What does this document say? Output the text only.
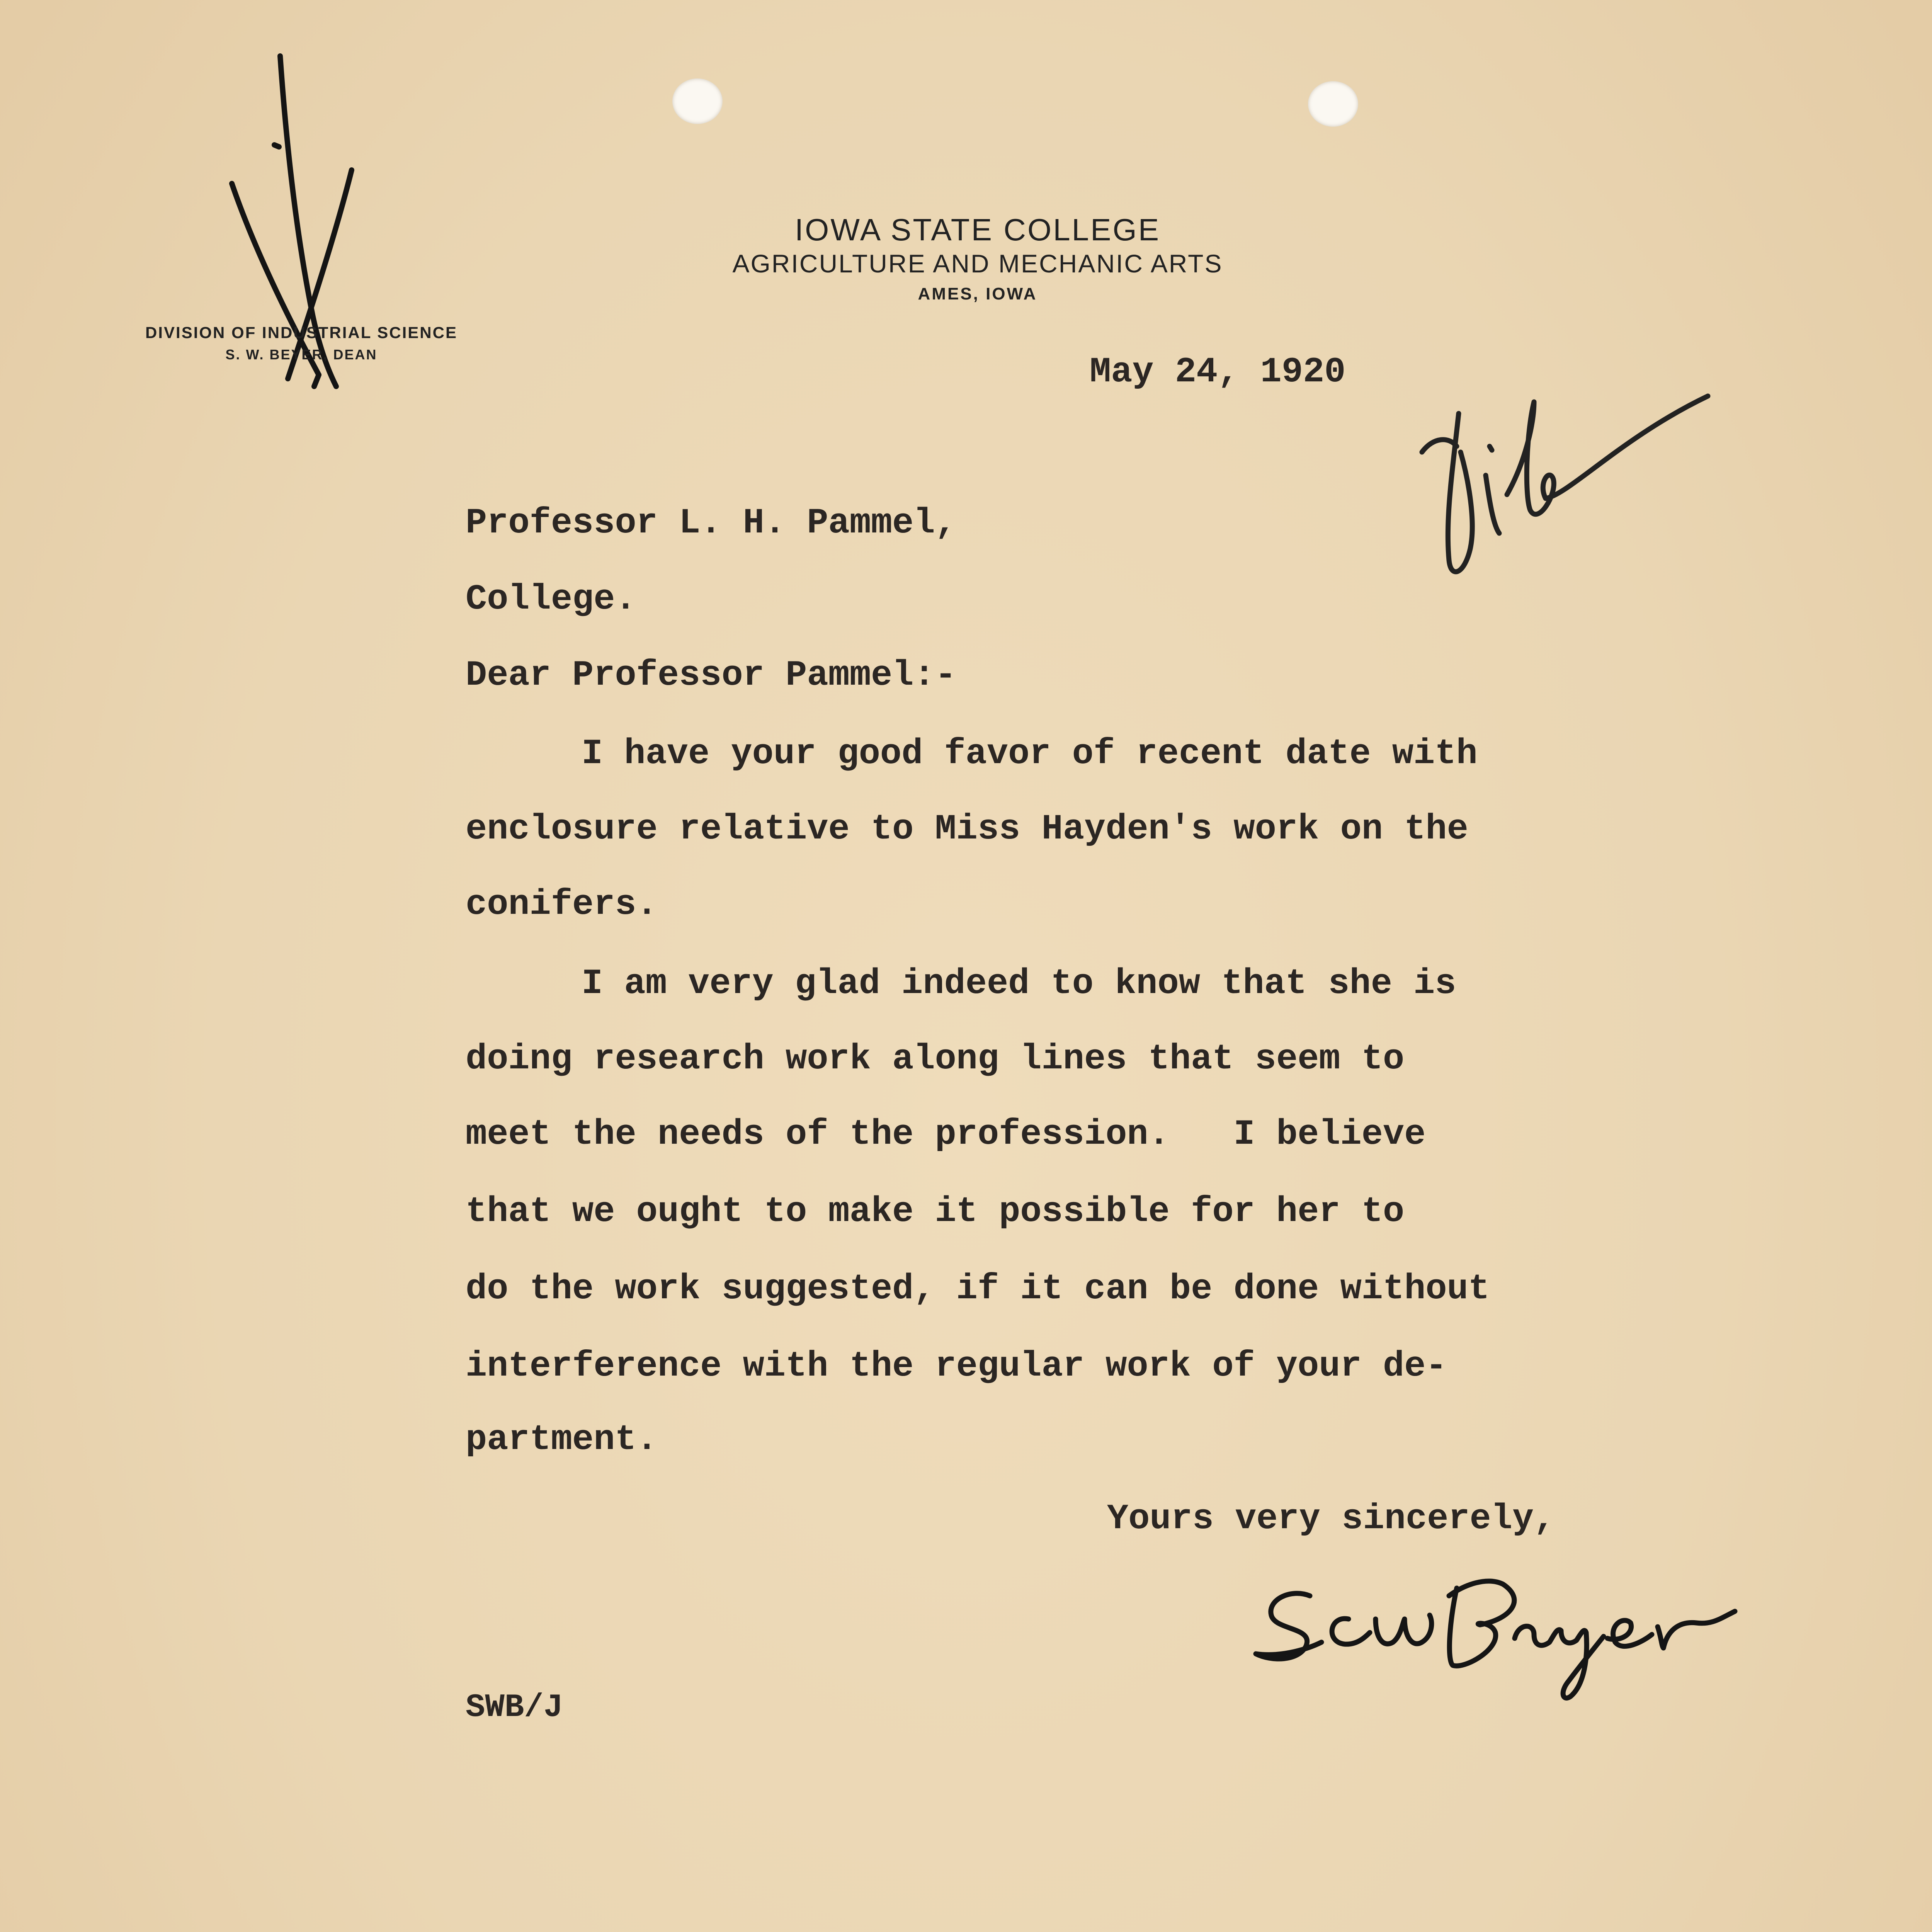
DIVISION OF INDUSTRIAL SCIENCE
S. W. BEYER, DEAN
IOWA STATE COLLEGE
AGRICULTURE AND MECHANIC ARTS
AMES, IOWA
May 24, 1920
Professor L. H. Pammel,
College.
Dear Professor Pammel:-
I have your good favor of recent date with
enclosure relative to Miss Hayden's work on the
conifers.
I am very glad indeed to know that she is
doing research work along lines that seem to
meet the needs of the profession.   I believe
that we ought to make it possible for her to
do the work suggested, if it can be done without
interference with the regular work of your de-
partment.
Yours very sincerely,
SWB/J
